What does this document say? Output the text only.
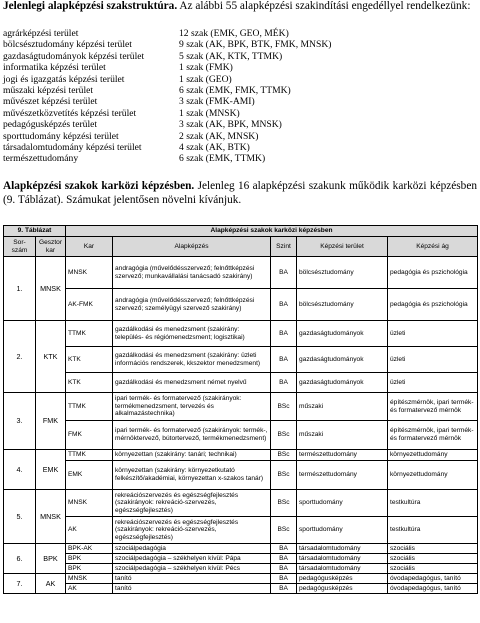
Jelenlegi alapképzési szakstruktúra. Az alábbi 55 alapképzési szakindítási engedéllyel rendelkezünk:
agrárképzési terület	12 szak (EMK, GEO, MÉK)
bölcsésztudomány képzési terület	9 szak (AK, BPK, BTK, FMK, MNSK)
gazdaságtudományok képzési terület	5 szak (AK, KTK, TTMK)
informatika képzési terület	1 szak (FMK)
jogi és igazgatás képzési terület	1 szak (GEO)
műszaki képzési terület	6 szak (EMK, FMK, TTMK)
művészet képzési terület	3 szak (FMK-AMI)
művészetközvetítés képzési terület	1 szak (MNSK)
pedagógusképzés terület	3 szak (AK, BPK, MNSK)
sporttudomány képzési terület	2 szak (AK, MNSK)
társadalomtudomány képzési terület	4 szak (AK, BTK)
természettudomány	6 szak (EMK, TTMK)
Alapképzési szakok karközi képzésben. Jelenleg 16 alapképzési szakunk működik karközi képzésben (9. Táblázat). Számukat jelentősen növelni kívánjuk.
9. Táblázat		Alapképzési szakok karközi képzésben				
Sor-szám	Gesztor kar	Kar	Alapképzés	Szint	Képzési terület	Képzési ág
1.	MNSK	MNSK	andragógia (művelődésszervező; felnőttképzési szervező; munkavállalási tanácsadó szakirány)	BA	bölcsésztudomány	pedagógia és pszichológia
		AK-FMK	andragógia (művelődésszervező; felnőttképzési szervező; személyügyi szervező szakirány)	BA	bölcsésztudomány	pedagógia és pszichológia
2.	KTK	TTMK	gazdálkodási és menedzsment (szakirány: település- és régiómenedzsment; logisztikai)	BA	gazdaságtudományok	üzleti
		KTK	gazdálkodási és menedzsment (szakirány: üzleti információs rendszerek, kkszektor menedzsment)	BA	gazdaságtudományok	üzleti
		KTK	gazdálkodási és menedzsment német nyelvű	BA	gazdaságtudományok	üzleti
3.	FMK	TTMK	ipari termék- és formatervező (szakirányok: termékmenedzsment, tervezés és alkalmazástechnika)	BSc	műszaki	építészmérnök, ipari termék- és formatervező mérnök
		FMK	ipari termék- és formatervező (szakirányok: termék-, mérnöktervező, bútortervező, termékmenedzsment)	BSc	műszaki	építészmérnök, ipari termék- és formatervező mérnök
4.	EMK	TTMK	környezettan (szakirány: tanári; technikai)	BSc	természettudomány	környezettudomány
		EMK	környezettan (szakirány: környezetkutató felkészítő/akadémiai, környezettan x-szakos tanár)	BSc	természettudomány	környezettudomány
5.	MNSK	MNSK	rekreációszervezés és egészségfejlesztés (szakirányok: rekreáció-szervezés, egészségfejlesztés)	BSc	sporttudomány	testkultúra
		AK	rekreációszervezés és egészségfejlesztés (szakirányok: rekreáció-szervezés, egészségfejlesztés)	BSc	sporttudomány	testkultúra
6.	BPK	BPK-AK	szociálpedagógia	BA	társadalomtudomány	szociális
		BPK	szociálpedagógia – székhelyen kívül: Pápa	BA	társadalomtudomány	szociális
		BPK	szociálpedagógia – székhelyen kívül: Pécs	BA	társadalomtudomány	szociális
7.	AK	MNSK	tanító	BA	pedagógusképzés	óvodapedagógus, tanító
		AK	tanító	BA	pedagógusképzés	óvodapedagógus, tanító
